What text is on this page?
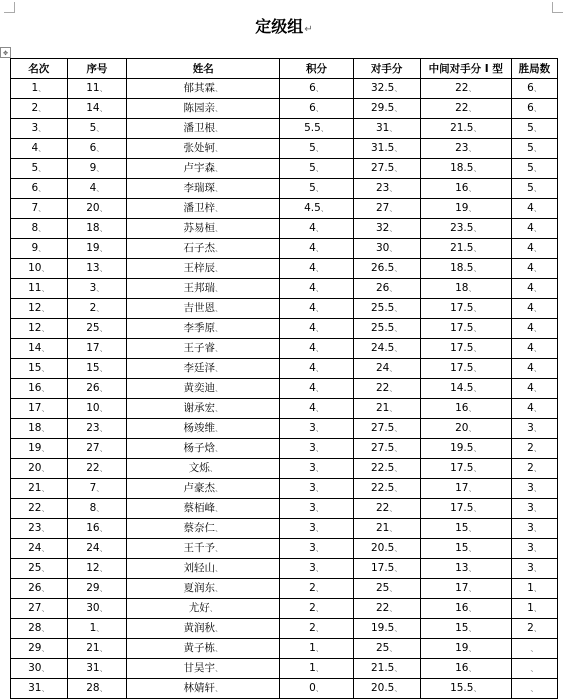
定级组↵
✥
名次	序号	姓名	积分	对手分	中间对手分 I 型	胜局数
1、	11、	郁其霖、	6、	32.5、	22、	6、
2、	14、	陈园亲、	6、	29.5、	22、	6、
3、	5、	潘卫根、	5.5、	31、	21.5、	5、
4、	6、	张处轲、	5、	31.5、	23、	5、
5、	9、	卢宇森、	5、	27.5、	18.5、	5、
6、	4、	李瑞琛、	5、	23、	16、	5、
7、	20、	潘卫梓、	4.5、	27、	19、	4、
8、	18、	苏易桓、	4、	32、	23.5、	4、
9、	19、	石子杰、	4、	30、	21.5、	4、
10、	13、	王梓辰、	4、	26.5、	18.5、	4、
11、	3、	王邦瑞、	4、	26、	18、	4、
12、	2、	吉世恩、	4、	25.5、	17.5、	4、
12、	25、	李季原、	4、	25.5、	17.5、	4、
14、	17、	王子睿、	4、	24.5、	17.5、	4、
15、	15、	李廷泽、	4、	24、	17.5、	4、
16、	26、	黄奕迪、	4、	22、	14.5、	4、
17、	10、	谢承宏、	4、	21、	16、	4、
18、	23、	杨竣维、	3、	27.5、	20、	3、
19、	27、	杨子焓、	3、	27.5、	19.5、	2、
20、	22、	文烁、	3、	22.5、	17.5、	2、
21、	7、	卢豪杰、	3、	22.5、	17、	3、
22、	8、	蔡栢峰、	3、	22、	17.5、	3、
23、	16、	蔡奈仁、	3、	21、	15、	3、
24、	24、	王千予、	3、	20.5、	15、	3、
25、	12、	刘轻山、	3、	17.5、	13、	3、
26、	29、	夏润东、	2、	25、	17、	1、
27、	30、	尤好、	2、	22、	16、	1、
28、	1、	黄润秋、	2、	19.5、	15、	2、
29、	21、	黄子栋、	1、	25、	19、	、
30、	31、	甘昊宇、	1、	21.5、	16、	、
31、	28、	林婧轩、	0、	20.5、	15.5、	、
